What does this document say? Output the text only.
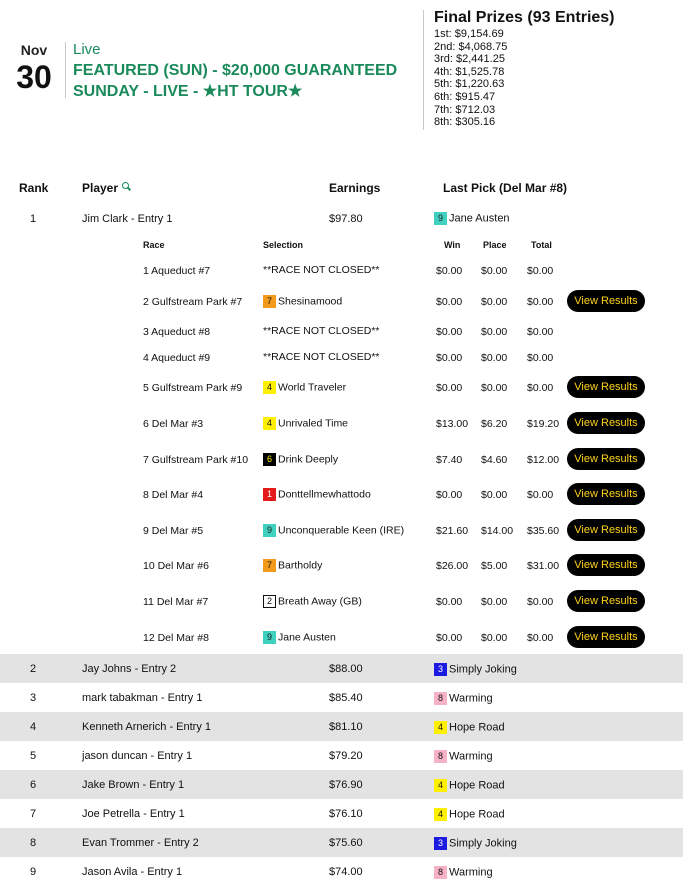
Nov
30
Live
FEATURED (SUN) - $20,000 GUARANTEED SUNDAY - LIVE - ★HT TOUR★
Final Prizes (93 Entries)
1st: $9,154.69
2nd: $4,068.75
3rd: $2,441.25
4th: $1,525.78
5th: $1,220.63
6th: $915.47
7th: $712.03
8th: $305.16
Rank	Player	Earnings	Last Pick (Del Mar #8)
1	Jim Clark - Entry 1	$97.80	9 Jane Austen
Race	Selection	Win	Place	Total
1 Aqueduct #7	**RACE NOT CLOSED**	$0.00 $0.00 $0.00
2 Gulfstream Park #7	7 Shesinamood	$0.00 $0.00 $0.00	View Results
3 Aqueduct #8	**RACE NOT CLOSED**	$0.00 $0.00 $0.00
4 Aqueduct #9	**RACE NOT CLOSED**	$0.00 $0.00 $0.00
5 Gulfstream Park #9	4 World Traveler	$0.00 $0.00 $0.00	View Results
6 Del Mar #3	4 Unrivaled Time	$13.00 $6.20 $19.20	View Results
7 Gulfstream Park #10	6 Drink Deeply	$7.40 $4.60 $12.00	View Results
8 Del Mar #4	1 Donttellmewhattodo	$0.00 $0.00 $0.00	View Results
9 Del Mar #5	9 Unconquerable Keen (IRE)	$21.60 $14.00 $35.60	View Results
10 Del Mar #6	7 Bartholdy	$26.00 $5.00 $31.00	View Results
11 Del Mar #7	2 Breath Away (GB)	$0.00 $0.00 $0.00	View Results
12 Del Mar #8	9 Jane Austen	$0.00 $0.00 $0.00	View Results
2	Jay Johns - Entry 2	$88.00	3 Simply Joking
3	mark tabakman - Entry 1	$85.40	8 Warming
4	Kenneth Arnerich - Entry 1	$81.10	4 Hope Road
5	jason duncan - Entry 1	$79.20	8 Warming
6	Jake Brown - Entry 1	$76.90	4 Hope Road
7	Joe Petrella - Entry 1	$76.10	4 Hope Road
8	Evan Trommer - Entry 2	$75.60	3 Simply Joking
9	Jason Avila - Entry 1	$74.00	8 Warming
